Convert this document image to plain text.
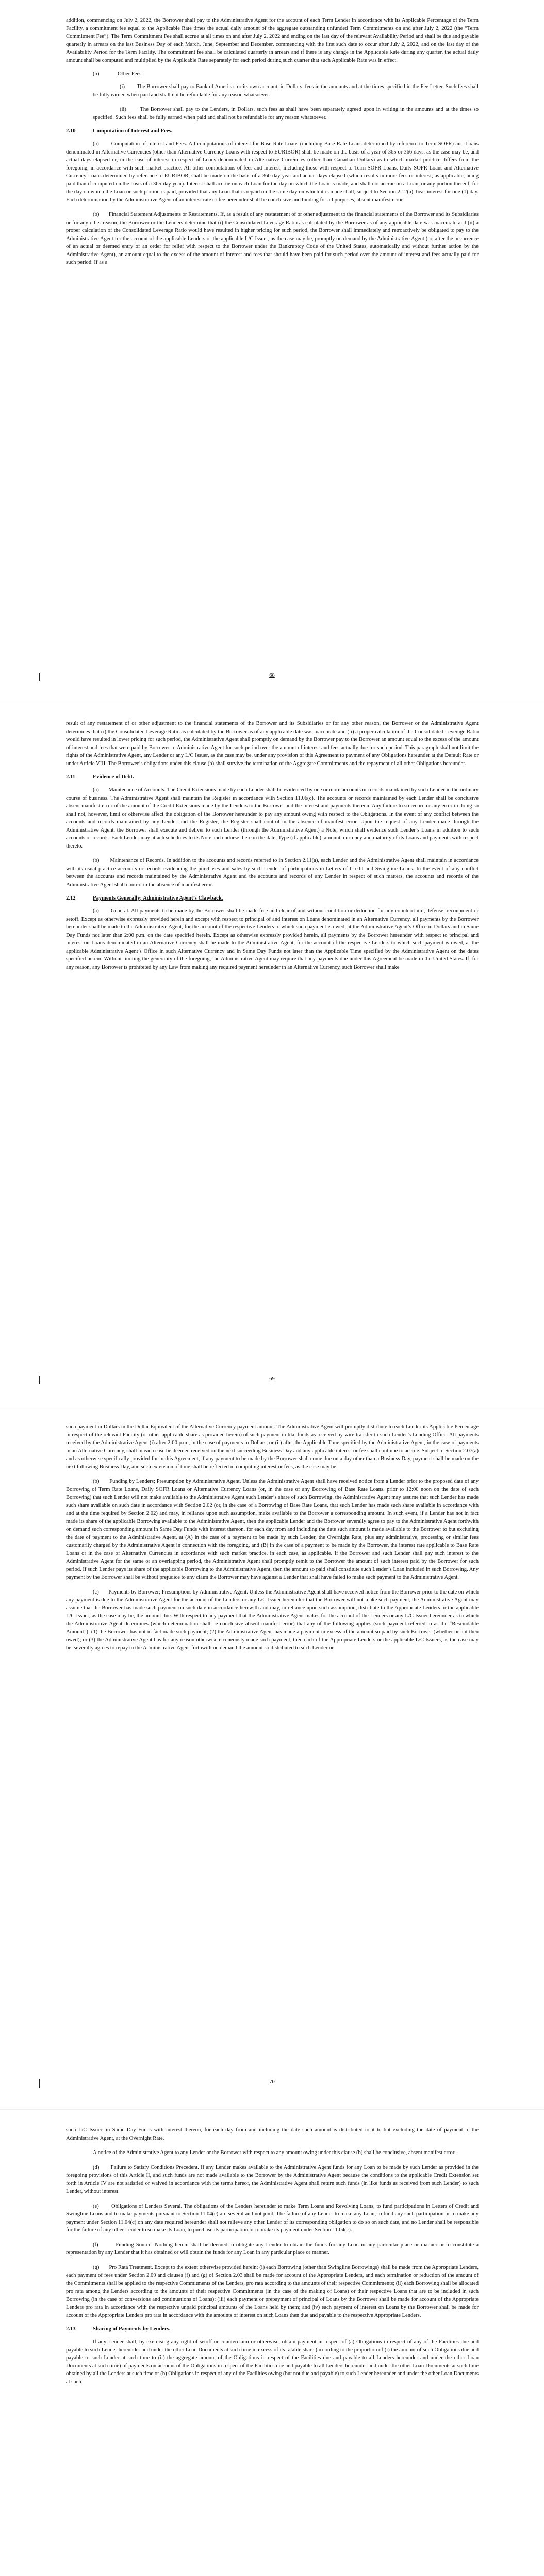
addition, commencing on July 2, 2022, the Borrower shall pay to the Administrative Agent for the account of each Term Lender in accordance with its Applicable Percentage of the Term Facility, a commitment fee equal to the Applicable Rate times the actual daily amount of the aggregate outstanding unfunded Term Commitments on and after July 2, 2022 (the “Term Commitment Fee”). The Term Commitment Fee shall accrue at all times on and after July 2, 2022 and ending on the last day of the relevant Availability Period and shall be due and payable quarterly in arrears on the last Business Day of each March, June, September and December, commencing with the first such date to occur after July 2, 2022, and on the last day of the Availability Period for the Term Facility. The commitment fee shall be calculated quarterly in arrears and if there is any change in the Applicable Rate during any quarter, the actual daily amount shall be computed and multiplied by the Applicable Rate separately for each period during such quarter that such Applicable Rate was in effect.

(b)	Other Fees.

(i)        The Borrower shall pay to Bank of America for its own account, in Dollars, fees in the amounts and at the times specified in the Fee Letter. Such fees shall be fully earned when paid and shall not be refundable for any reason whatsoever.

(ii)       The Borrower shall pay to the Lenders, in Dollars, such fees as shall have been separately agreed upon in writing in the amounts and at the times so specified. Such fees shall be fully earned when paid and shall not be refundable for any reason whatsoever.

2.10	Computation of Interest and Fees.

(a)       Computation of Interest and Fees. All computations of interest for Base Rate Loans (including Base Rate Loans determined by reference to Term SOFR) and Loans denominated in Alternative Currencies (other than Alternative Currency Loans with respect to EURIBOR) shall be made on the basis of a year of 365 or 366 days, as the case may be, and actual days elapsed or, in the case of interest in respect of Loans denominated in Alternative Currencies (other than Canadian Dollars) as to which market practice differs from the foregoing, in accordance with such market practice. All other computations of fees and interest, including those with respect to Term SOFR Loans, Daily SOFR Loans and Alternative Currency Loans determined by reference to EURIBOR, shall be made on the basis of a 360-day year and actual days elapsed (which results in more fees or interest, as applicable, being paid than if computed on the basis of a 365-day year). Interest shall accrue on each Loan for the day on which the Loan is made, and shall not accrue on a Loan, or any portion thereof, for the day on which the Loan or such portion is paid, provided that any Loan that is repaid on the same day on which it is made shall, subject to Section 2.12(a), bear interest for one (1) day. Each determination by the Administrative Agent of an interest rate or fee hereunder shall be conclusive and binding for all purposes, absent manifest error.

(b)       Financial Statement Adjustments or Restatements. If, as a result of any restatement of or other adjustment to the financial statements of the Borrower and its Subsidiaries or for any other reason, the Borrower or the Lenders determine that (i) the Consolidated Leverage Ratio as calculated by the Borrower as of any applicable date was inaccurate and (ii) a proper calculation of the Consolidated Leverage Ratio would have resulted in higher pricing for such period, the Borrower shall immediately and retroactively be obligated to pay to the Administrative Agent for the account of the applicable Lenders or the applicable L/C Issuer, as the case may be, promptly on demand by the Administrative Agent (or, after the occurrence of an actual or deemed entry of an order for relief with respect to the Borrower under the Bankruptcy Code of the United States, automatically and without further action by the Administrative Agent), an amount equal to the excess of the amount of interest and fees that should have been paid for such period over the amount of interest and fees actually paid for such period. If as a

68

result of any restatement of or other adjustment to the financial statements of the Borrower and its Subsidiaries or for any other reason, the Borrower or the Administrative Agent determines that (i) the Consolidated Leverage Ratio as calculated by the Borrower as of any applicable date was inaccurate and (ii) a proper calculation of the Consolidated Leverage Ratio would have resulted in lower pricing for such period, the Administrative Agent shall promptly on demand by the Borrower pay to the Borrower an amount equal to the excess of the amount of interest and fees that were paid by Borrower to Administrative Agent for such period over the amount of interest and fees actually due for such period. This paragraph shall not limit the rights of the Administrative Agent, any Lender or any L/C Issuer, as the case may be, under any provision of this Agreement to payment of any Obligations hereunder at the Default Rate or under Article VIII. The Borrower’s obligations under this clause (b) shall survive the termination of the Aggregate Commitments and the repayment of all other Obligations hereunder.

2.11	Evidence of Debt.

(a)       Maintenance of Accounts. The Credit Extensions made by each Lender shall be evidenced by one or more accounts or records maintained by such Lender in the ordinary course of business. The Administrative Agent shall maintain the Register in accordance with Section 11.06(c). The accounts or records maintained by each Lender shall be conclusive absent manifest error of the amount of the Credit Extensions made by the Lenders to the Borrower and the interest and payments thereon. Any failure to so record or any error in doing so shall not, however, limit or otherwise affect the obligation of the Borrower hereunder to pay any amount owing with respect to the Obligations. In the event of any conflict between the accounts and records maintained by any Lender and the Register, the Register shall control in the absence of manifest error. Upon the request of any Lender made through the Administrative Agent, the Borrower shall execute and deliver to such Lender (through the Administrative Agent) a Note, which shall evidence such Lender’s Loans in addition to such accounts or records. Each Lender may attach schedules to its Note and endorse thereon the date, Type (if applicable), amount, currency and maturity of its Loans and payments with respect thereto.

(b)       Maintenance of Records. In addition to the accounts and records referred to in Section 2.11(a), each Lender and the Administrative Agent shall maintain in accordance with its usual practice accounts or records evidencing the purchases and sales by such Lender of participations in Letters of Credit and Swingline Loans. In the event of any conflict between the accounts and records maintained by the Administrative Agent and the accounts and records of any Lender in respect of such matters, the accounts and records of the Administrative Agent shall control in the absence of manifest error.

2.12	Payments Generally; Administrative Agent’s Clawback.

(a)       General. All payments to be made by the Borrower shall be made free and clear of and without condition or deduction for any counterclaim, defense, recoupment or setoff. Except as otherwise expressly provided herein and except with respect to principal of and interest on Loans denominated in an Alternative Currency, all payments by the Borrower hereunder shall be made to the Administrative Agent, for the account of the respective Lenders to which such payment is owed, at the Administrative Agent’s Office in Dollars and in Same Day Funds not later than 2:00 p.m. on the date specified herein. Except as otherwise expressly provided herein, all payments by the Borrower hereunder with respect to principal and interest on Loans denominated in an Alternative Currency shall be made to the Administrative Agent, for the account of the respective Lenders to which such payment is owed, at the applicable Administrative Agent’s Office in such Alternative Currency and in Same Day Funds not later than the Applicable Time specified by the Administrative Agent on the dates specified herein. Without limiting the generality of the foregoing, the Administrative Agent may require that any payments due under this Agreement be made in the United States. If, for any reason, any Borrower is prohibited by any Law from making any required payment hereunder in an Alternative Currency, such Borrower shall make

69

such payment in Dollars in the Dollar Equivalent of the Alternative Currency payment amount. The Administrative Agent will promptly distribute to each Lender its Applicable Percentage in respect of the relevant Facility (or other applicable share as provided herein) of such payment in like funds as received by wire transfer to such Lender’s Lending Office. All payments received by the Administrative Agent (i) after 2:00 p.m., in the case of payments in Dollars, or (ii) after the Applicable Time specified by the Administrative Agent, in the case of payments in an Alternative Currency, shall in each case be deemed received on the next succeeding Business Day and any applicable interest or fee shall continue to accrue. Subject to Section 2.07(a) and as otherwise specifically provided for in this Agreement, if any payment to be made by the Borrower shall come due on a day other than a Business Day, payment shall be made on the next following Business Day, and such extension of time shall be reflected in computing interest or fees, as the case may be.

(b)       Funding by Lenders; Presumption by Administrative Agent. Unless the Administrative Agent shall have received notice from a Lender prior to the proposed date of any Borrowing of Term Rate Loans, Daily SOFR Loans or Alternative Currency Loans (or, in the case of any Borrowing of Base Rate Loans, prior to 12:00 noon on the date of such Borrowing) that such Lender will not make available to the Administrative Agent such Lender’s share of such Borrowing, the Administrative Agent may assume that such Lender has made such share available on such date in accordance with Section 2.02 (or, in the case of a Borrowing of Base Rate Loans, that such Lender has made such share available in accordance with and at the time required by Section 2.02) and may, in reliance upon such assumption, make available to the Borrower a corresponding amount. In such event, if a Lender has not in fact made its share of the applicable Borrowing available to the Administrative Agent, then the applicable Lender and the Borrower severally agree to pay to the Administrative Agent forthwith on demand such corresponding amount in Same Day Funds with interest thereon, for each day from and including the date such amount is made available to the Borrower to but excluding the date of payment to the Administrative Agent, at (A) in the case of a payment to be made by such Lender, the Overnight Rate, plus any administrative, processing or similar fees customarily charged by the Administrative Agent in connection with the foregoing, and (B) in the case of a payment to be made by the Borrower, the interest rate applicable to Base Rate Loans or in the case of Alternative Currencies in accordance with such market practice, in each case, as applicable. If the Borrower and such Lender shall pay such interest to the Administrative Agent for the same or an overlapping period, the Administrative Agent shall promptly remit to the Borrower the amount of such interest paid by the Borrower for such period. If such Lender pays its share of the applicable Borrowing to the Administrative Agent, then the amount so paid shall constitute such Lender’s Loan included in such Borrowing. Any payment by the Borrower shall be without prejudice to any claim the Borrower may have against a Lender that shall have failed to make such payment to the Administrative Agent.

(c)       Payments by Borrower; Presumptions by Administrative Agent. Unless the Administrative Agent shall have received notice from the Borrower prior to the date on which any payment is due to the Administrative Agent for the account of the Lenders or any L/C Issuer hereunder that the Borrower will not make such payment, the Administrative Agent may assume that the Borrower has made such payment on such date in accordance herewith and may, in reliance upon such assumption, distribute to the Appropriate Lenders or the applicable L/C Issuer, as the case may be, the amount due. With respect to any payment that the Administrative Agent makes for the account of the Lenders or any L/C Issuer hereunder as to which the Administrative Agent determines (which determination shall be conclusive absent manifest error) that any of the following applies (such payment referred to as the “Rescindable Amount”): (1) the Borrower has not in fact made such payment; (2) the Administrative Agent has made a payment in excess of the amount so paid by such Borrower (whether or not then owed); or (3) the Administrative Agent has for any reason otherwise erroneously made such payment, then each of the Appropriate Lenders or the applicable L/C Issuers, as the case may be, severally agrees to repay to the Administrative Agent forthwith on demand the amount so distributed to such Lender or

70

such L/C Issuer, in Same Day Funds with interest thereon, for each day from and including the date such amount is distributed to it to but excluding the date of payment to the Administrative Agent, at the Overnight Rate.

A notice of the Administrative Agent to any Lender or the Borrower with respect to any amount owing under this clause (b) shall be conclusive, absent manifest error.

(d)       Failure to Satisfy Conditions Precedent. If any Lender makes available to the Administrative Agent funds for any Loan to be made by such Lender as provided in the foregoing provisions of this Article II, and such funds are not made available to the Borrower by the Administrative Agent because the conditions to the applicable Credit Extension set forth in Article IV are not satisfied or waived in accordance with the terms hereof, the Administrative Agent shall return such funds (in like funds as received from such Lender) to such Lender, without interest.

(e)       Obligations of Lenders Several. The obligations of the Lenders hereunder to make Term Loans and Revolving Loans, to fund participations in Letters of Credit and Swingline Loans and to make payments pursuant to Section 11.04(c) are several and not joint. The failure of any Lender to make any Loan, to fund any such participation or to make any payment under Section 11.04(c) on any date required hereunder shall not relieve any other Lender of its corresponding obligation to do so on such date, and no Lender shall be responsible for the failure of any other Lender to so make its Loan, to purchase its participation or to make its payment under Section 11.04(c).

(f)        Funding Source. Nothing herein shall be deemed to obligate any Lender to obtain the funds for any Loan in any particular place or manner or to constitute a representation by any Lender that it has obtained or will obtain the funds for any Loan in any particular place or manner.

(g)       Pro Rata Treatment. Except to the extent otherwise provided herein: (i) each Borrowing (other than Swingline Borrowings) shall be made from the Appropriate Lenders, each payment of fees under Section 2.09 and clauses (f) and (g) of Section 2.03 shall be made for account of the Appropriate Lenders, and each termination or reduction of the amount of the Commitments shall be applied to the respective Commitments of the Lenders, pro rata according to the amounts of their respective Commitments; (ii) each Borrowing shall be allocated pro rata among the Lenders according to the amounts of their respective Commitments (in the case of the making of Loans) or their respective Loans that are to be included in such Borrowing (in the case of conversions and continuations of Loans); (iii) each payment or prepayment of principal of Loans by the Borrower shall be made for account of the Appropriate Lenders pro rata in accordance with the respective unpaid principal amounts of the Loans held by them; and (iv) each payment of interest on Loans by the Borrower shall be made for account of the Appropriate Lenders pro rata in accordance with the amounts of interest on such Loans then due and payable to the respective Appropriate Lenders.

2.13	Sharing of Payments by Lenders.

If any Lender shall, by exercising any right of setoff or counterclaim or otherwise, obtain payment in respect of (a) Obligations in respect of any of the Facilities due and payable to such Lender hereunder and under the other Loan Documents at such time in excess of its ratable share (according to the proportion of (i) the amount of such Obligations due and payable to such Lender at such time to (ii) the aggregate amount of the Obligations in respect of the Facilities due and payable to all Lenders hereunder and under the other Loan Documents at such time) of payments on account of the Obligations in respect of the Facilities due and payable to all Lenders hereunder and under the other Loan Documents at such time obtained by all the Lenders at such time or (b) Obligations in respect of any of the Facilities owing (but not due and payable) to such Lender hereunder and under the other Loan Documents at such
